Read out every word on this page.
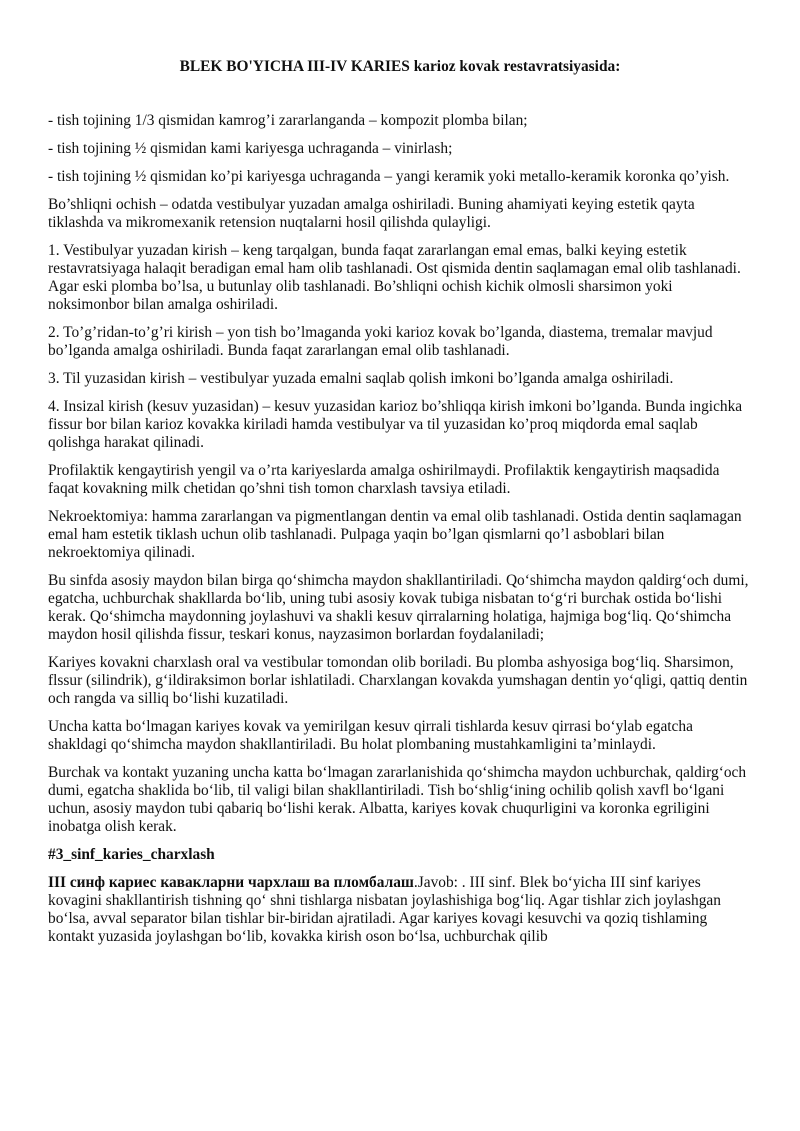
BLEK BO'YICHA III-IV KARIES karioz kovak restavratsiyasida:
- tish tojining 1/3 qismidan kamrog’i zararlanganda – kompozit plomba bilan;
- tish tojining ½ qismidan kami kariyesga uchraganda – vinirlash;
- tish tojining ½ qismidan ko’pi kariyesga uchraganda – yangi keramik yoki metallo-keramik koronka qo’yish.
Bo’shliqni ochish – odatda vestibulyar yuzadan amalga oshiriladi. Buning ahamiyati keying estetik qayta tiklashda va mikromexanik retension nuqtalarni hosil qilishda qulayligi.
1. Vestibulyar yuzadan kirish – keng tarqalgan, bunda faqat zararlangan emal emas, balki keying estetik restavratsiyaga halaqit beradigan emal ham olib tashlanadi. Ost qismida dentin saqlamagan emal olib tashlanadi. Agar eski plomba bo’lsa, u butunlay olib tashlanadi. Bo’shliqni ochish kichik olmosli sharsimon yoki noksimonbor bilan amalga oshiriladi.
2. To’g’ridan-to’g’ri kirish – yon tish bo’lmaganda yoki karioz kovak bo’lganda, diastema, tremalar mavjud bo’lganda amalga oshiriladi. Bunda faqat zararlangan emal olib tashlanadi.
3. Til yuzasidan kirish – vestibulyar yuzada emalni saqlab qolish imkoni bo’lganda amalga oshiriladi.
4. Insizal kirish (kesuv yuzasidan) – kesuv yuzasidan karioz bo’shliqqa kirish imkoni bo’lganda. Bunda ingichka fissur bor bilan karioz kovakka kiriladi hamda vestibulyar va til yuzasidan ko’proq miqdorda emal saqlab qolishga harakat qilinadi.
Profilaktik kengaytirish yengil va o’rta kariyeslarda amalga oshirilmaydi. Profilaktik kengaytirish maqsadida faqat kovakning milk chetidan qo’shni tish tomon charxlash tavsiya etiladi.
Nekroektomiya: hamma zararlangan va pigmentlangan dentin va emal olib tashlanadi. Ostida dentin saqlamagan emal ham estetik tiklash uchun olib tashlanadi. Pulpaga yaqin bo’lgan qismlarni qo’l asboblari bilan nekroektomiya qilinadi.
Bu sinfda asosiy maydon bilan birga qo‘shimcha maydon shakllantiriladi. Qo‘shimcha maydon qaldirg‘och dumi, egatcha, uchburchak shakllarda bo‘lib, uning tubi asosiy kovak tubiga nisbatan to‘g‘ri burchak ostida bo‘lishi kerak. Qo‘shimcha maydonning joylashuvi va shakli kesuv qirralarning holatiga, hajmiga bog‘liq. Qo‘shimcha maydon hosil qilishda fissur, teskari konus, nayzasimon borlardan foydalaniladi;
Kariyes kovakni charxlash oral va vestibular tomondan olib boriladi. Bu plomba ashyosiga bog‘liq. Sharsimon, flssur (silindrik), g‘ildiraksimon borlar ishlatiladi. Charxlangan kovakda yumshagan dentin yo‘qligi, qattiq dentin och rangda va silliq bo‘lishi kuzatiladi.
Uncha katta bo‘lmagan kariyes kovak va yemirilgan kesuv qirrali tishlarda kesuv qirrasi bo‘ylab egatcha shakldagi qo‘shimcha maydon shakllantiriladi. Bu holat plombaning mustahkamligini ta’minlaydi.
Burchak va kontakt yuzaning uncha katta bo‘lmagan zararlanishida qo‘shimcha maydon uchburchak, qaldirg‘och dumi, egatcha shaklida bo‘lib, til valigi bilan shakllantiriladi. Tish bo‘shlig‘ining ochilib qolish xavfl bo‘lgani uchun, asosiy maydon tubi qabariq bo‘lishi kerak. Albatta, kariyes kovak chuqurligini va koronka egriligini inobatga olish kerak.
#3_sinf_karies_charxlash
III синф кариес кавакларни чархлаш ва пломбалаш.Javob: . III sinf. Blek bo‘yicha III sinf kariyes kovagini shakllantirish tishning qo‘ shni tishlarga nisbatan joylashishiga bog‘liq. Agar tishlar zich joylashgan bo‘lsa, avval separator bilan tishlar bir-biridan ajratiladi. Agar kariyes kovagi kesuvchi va qoziq tishlaming kontakt yuzasida joylashgan bo‘lib, kovakka kirish oson bo‘lsa, uchburchak qilib
